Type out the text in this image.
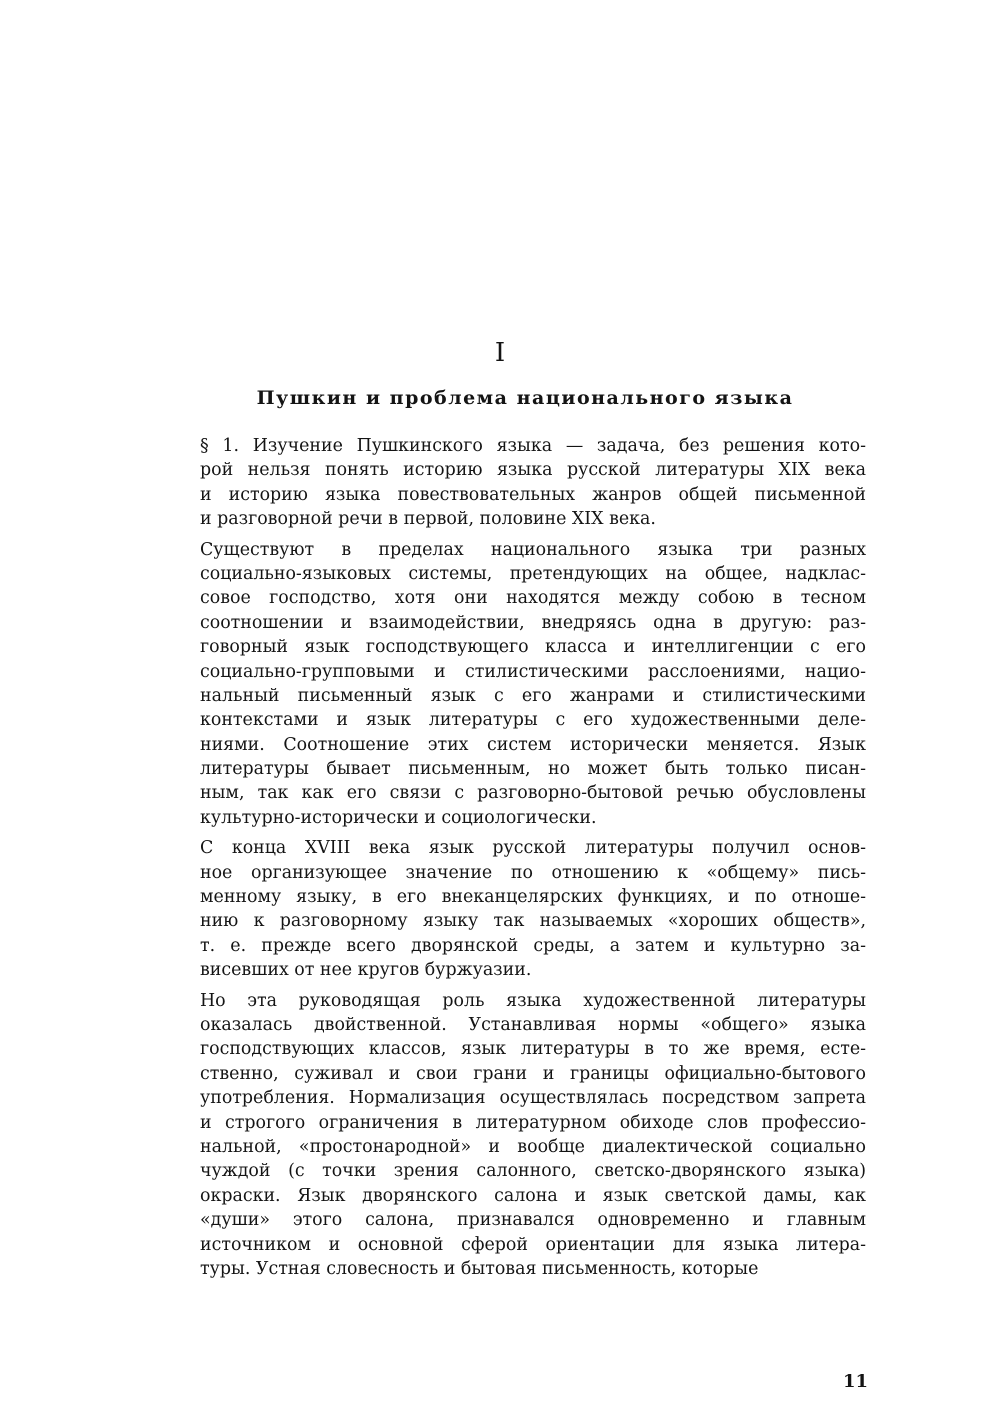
I
Пушкин и проблема национального языка
§ 1. Изучение Пушкинского языка — задача, без решения кото-
рой нельзя понять историю языка русской литературы XIX века
и историю языка повествовательных жанров общей письменной
и разговорной речи в первой, половине XIX века.
Существуют в пределах национального языка три разных
социально-языковых системы, претендующих на общее, надклас-
совое господство, хотя они находятся между собою в тесном
соотношении и взаимодействии, внедряясь одна в другую: раз-
говорный язык господствующего класса и интеллигенции с его
социально-групповыми и стилистическими расслоениями, нацио-
нальный письменный язык с его жанрами и стилистическими
контекстами и язык литературы с его художественными деле-
ниями. Соотношение этих систем исторически меняется. Язык
литературы бывает письменным, но может быть только писан-
ным, так как его связи с разговорно-бытовой речью обусловлены
культурно-исторически и социологически.
С конца XVIII века язык русской литературы получил основ-
ное организующее значение по отношению к «общему» пись-
менному языку, в его внеканцелярских функциях, и по отноше-
нию к разговорному языку так называемых «хороших обществ»,
т. е. прежде всего дворянской среды, а затем и культурно за-
висевших от нее кругов буржуазии.
Но эта руководящая роль языка художественной литературы
оказалась двойственной. Устанавливая нормы «общего» языка
господствующих классов, язык литературы в то же время, есте-
ственно, суживал и свои грани и границы официально-бытового
употребления. Нормализация осуществлялась посредством запрета
и строгого ограничения в литературном обиходе слов профессио-
нальной, «простонародной» и вообще диалектической социально
чуждой (с точки зрения салонного, светско-дворянского языка)
окраски. Язык дворянского салона и язык светской дамы, как
«души» этого салона, признавался одновременно и главным
источником и основной сферой ориентации для языка литера-
туры. Устная словесность и бытовая письменность, которые
11
